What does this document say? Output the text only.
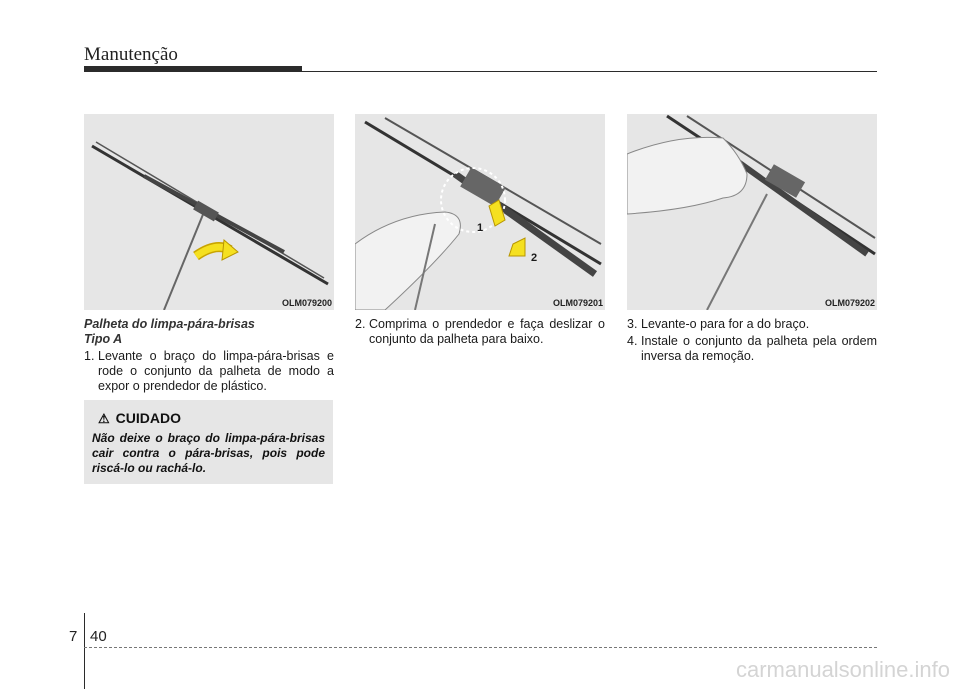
Manutenção
OLM079200
1
2
OLM079201	OLM079202
Palheta do limpa-pára-brisas
Tipo A
1. Levante o braço do limpa-pára-brisas e rode o conjunto da palheta de modo a expor o prendedor de plástico.
⚠ CUIDADO
Não deixe o braço do limpa-pára-brisas cair contra o pára-brisas, pois pode riscá-lo ou rachá-lo.
2. Comprima o prendedor e faça deslizar o conjunto da palheta para baixo.
3. Levante-o para for a do braço.
4. Instale o conjunto da palheta pela ordem inversa da remoção.
7 40
carmanualsonline.info
